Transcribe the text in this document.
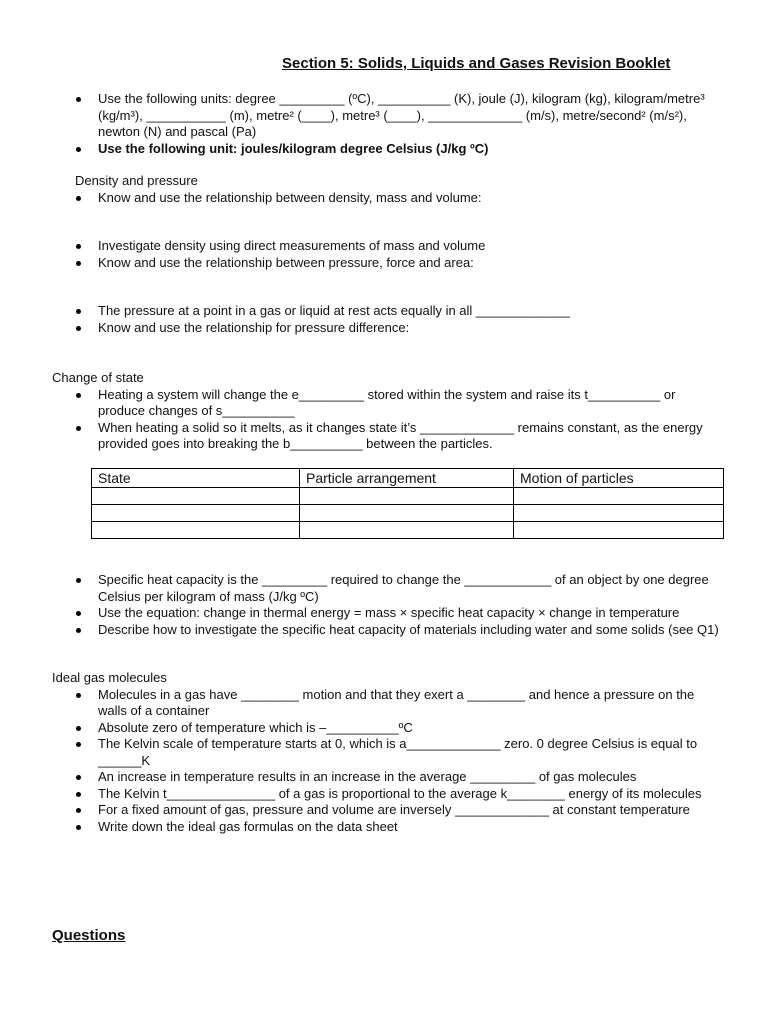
Section 5: Solids, Liquids and Gases Revision Booklet
Use the following units: degree _________ (ºC), __________ (K), joule (J), kilogram (kg), kilogram/metre³ (kg/m³), ___________ (m), metre² (____), metre³ (____), _____________ (m/s), metre/second² (m/s²), newton (N) and pascal (Pa)
Use the following unit: joules/kilogram degree Celsius (J/kg ºC)
Density and pressure
Know and use the relationship between density, mass and volume:
Investigate density using direct measurements of mass and volume
Know and use the relationship between pressure, force and area:
The pressure at a point in a gas or liquid at rest acts equally in all _____________
Know and use the relationship for pressure difference:
Change of state
Heating a system will change the e_________ stored within the system and raise its t__________ or produce changes of s__________
When heating a solid so it melts, as it changes state it’s _____________ remains constant, as the energy provided goes into breaking the b__________ between the particles.
State	Particle arrangement	Motion of particles

Specific heat capacity is the _________ required to change the ____________ of an object by one degree Celsius per kilogram of mass (J/kg ºC)
Use the equation: change in thermal energy = mass × specific heat capacity × change in temperature
Describe how to investigate the specific heat capacity of materials including water and some solids (see Q1)
Ideal gas molecules
Molecules in a gas have ________ motion and that they exert a ________ and hence a pressure on the walls of a container
Absolute zero of temperature which is –__________ºC
The Kelvin scale of temperature starts at 0, which is a_____________ zero. 0 degree Celsius is equal to ______K
An increase in temperature results in an increase in the average _________ of gas molecules
The Kelvin t_______________ of a gas is proportional to the average k________ energy of its molecules
For a fixed amount of gas, pressure and volume are inversely _____________ at constant temperature
Write down the ideal gas formulas on the data sheet
Questions
